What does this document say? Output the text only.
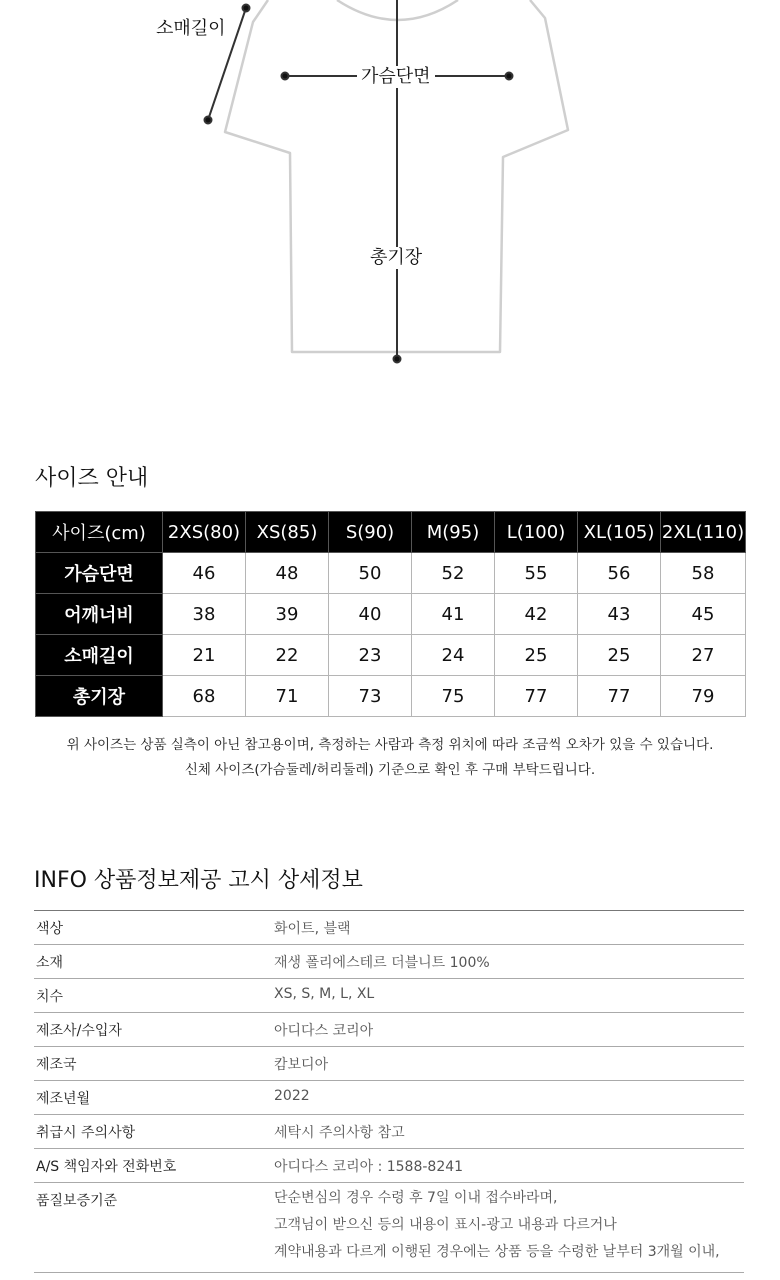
소매길이
가슴단면
총기장
사이즈 안내
사이즈(cm)	2XS(80)	XS(85)	S(90)	M(95)	L(100)	XL(105)	2XL(110)
가슴단면	46	48	50	52	55	56	58
어깨너비	38	39	40	41	42	43	45
소매길이	21	22	23	24	25	25	27
총기장	68	71	73	75	77	77	79
위 사이즈는 상품 실측이 아닌 참고용이며, 측정하는 사람과 측정 위치에 따라 조금씩 오차가 있을 수 있습니다.
신체 사이즈(가슴둘레/허리둘레) 기준으로 확인 후 구매 부탁드립니다.
INFO 상품정보제공 고시 상세정보
색상	화이트, 블랙
소재	재생 폴리에스테르 더블니트 100%
치수	XS, S, M, L, XL
제조사/수입자	아디다스 코리아
제조국	캄보디아
제조년월	2022
취급시 주의사항	세탁시 주의사항 참고
A/S 책임자와 전화번호	아디다스 코리아 : 1588-8241
품질보증기준	단순변심의 경우 수령 후 7일 이내 접수바라며,
고객님이 받으신 등의 내용이 표시-광고 내용과 다르거나
계약내용과 다르게 이행된 경우에는 상품 등을 수령한 날부터 3개월 이내,
